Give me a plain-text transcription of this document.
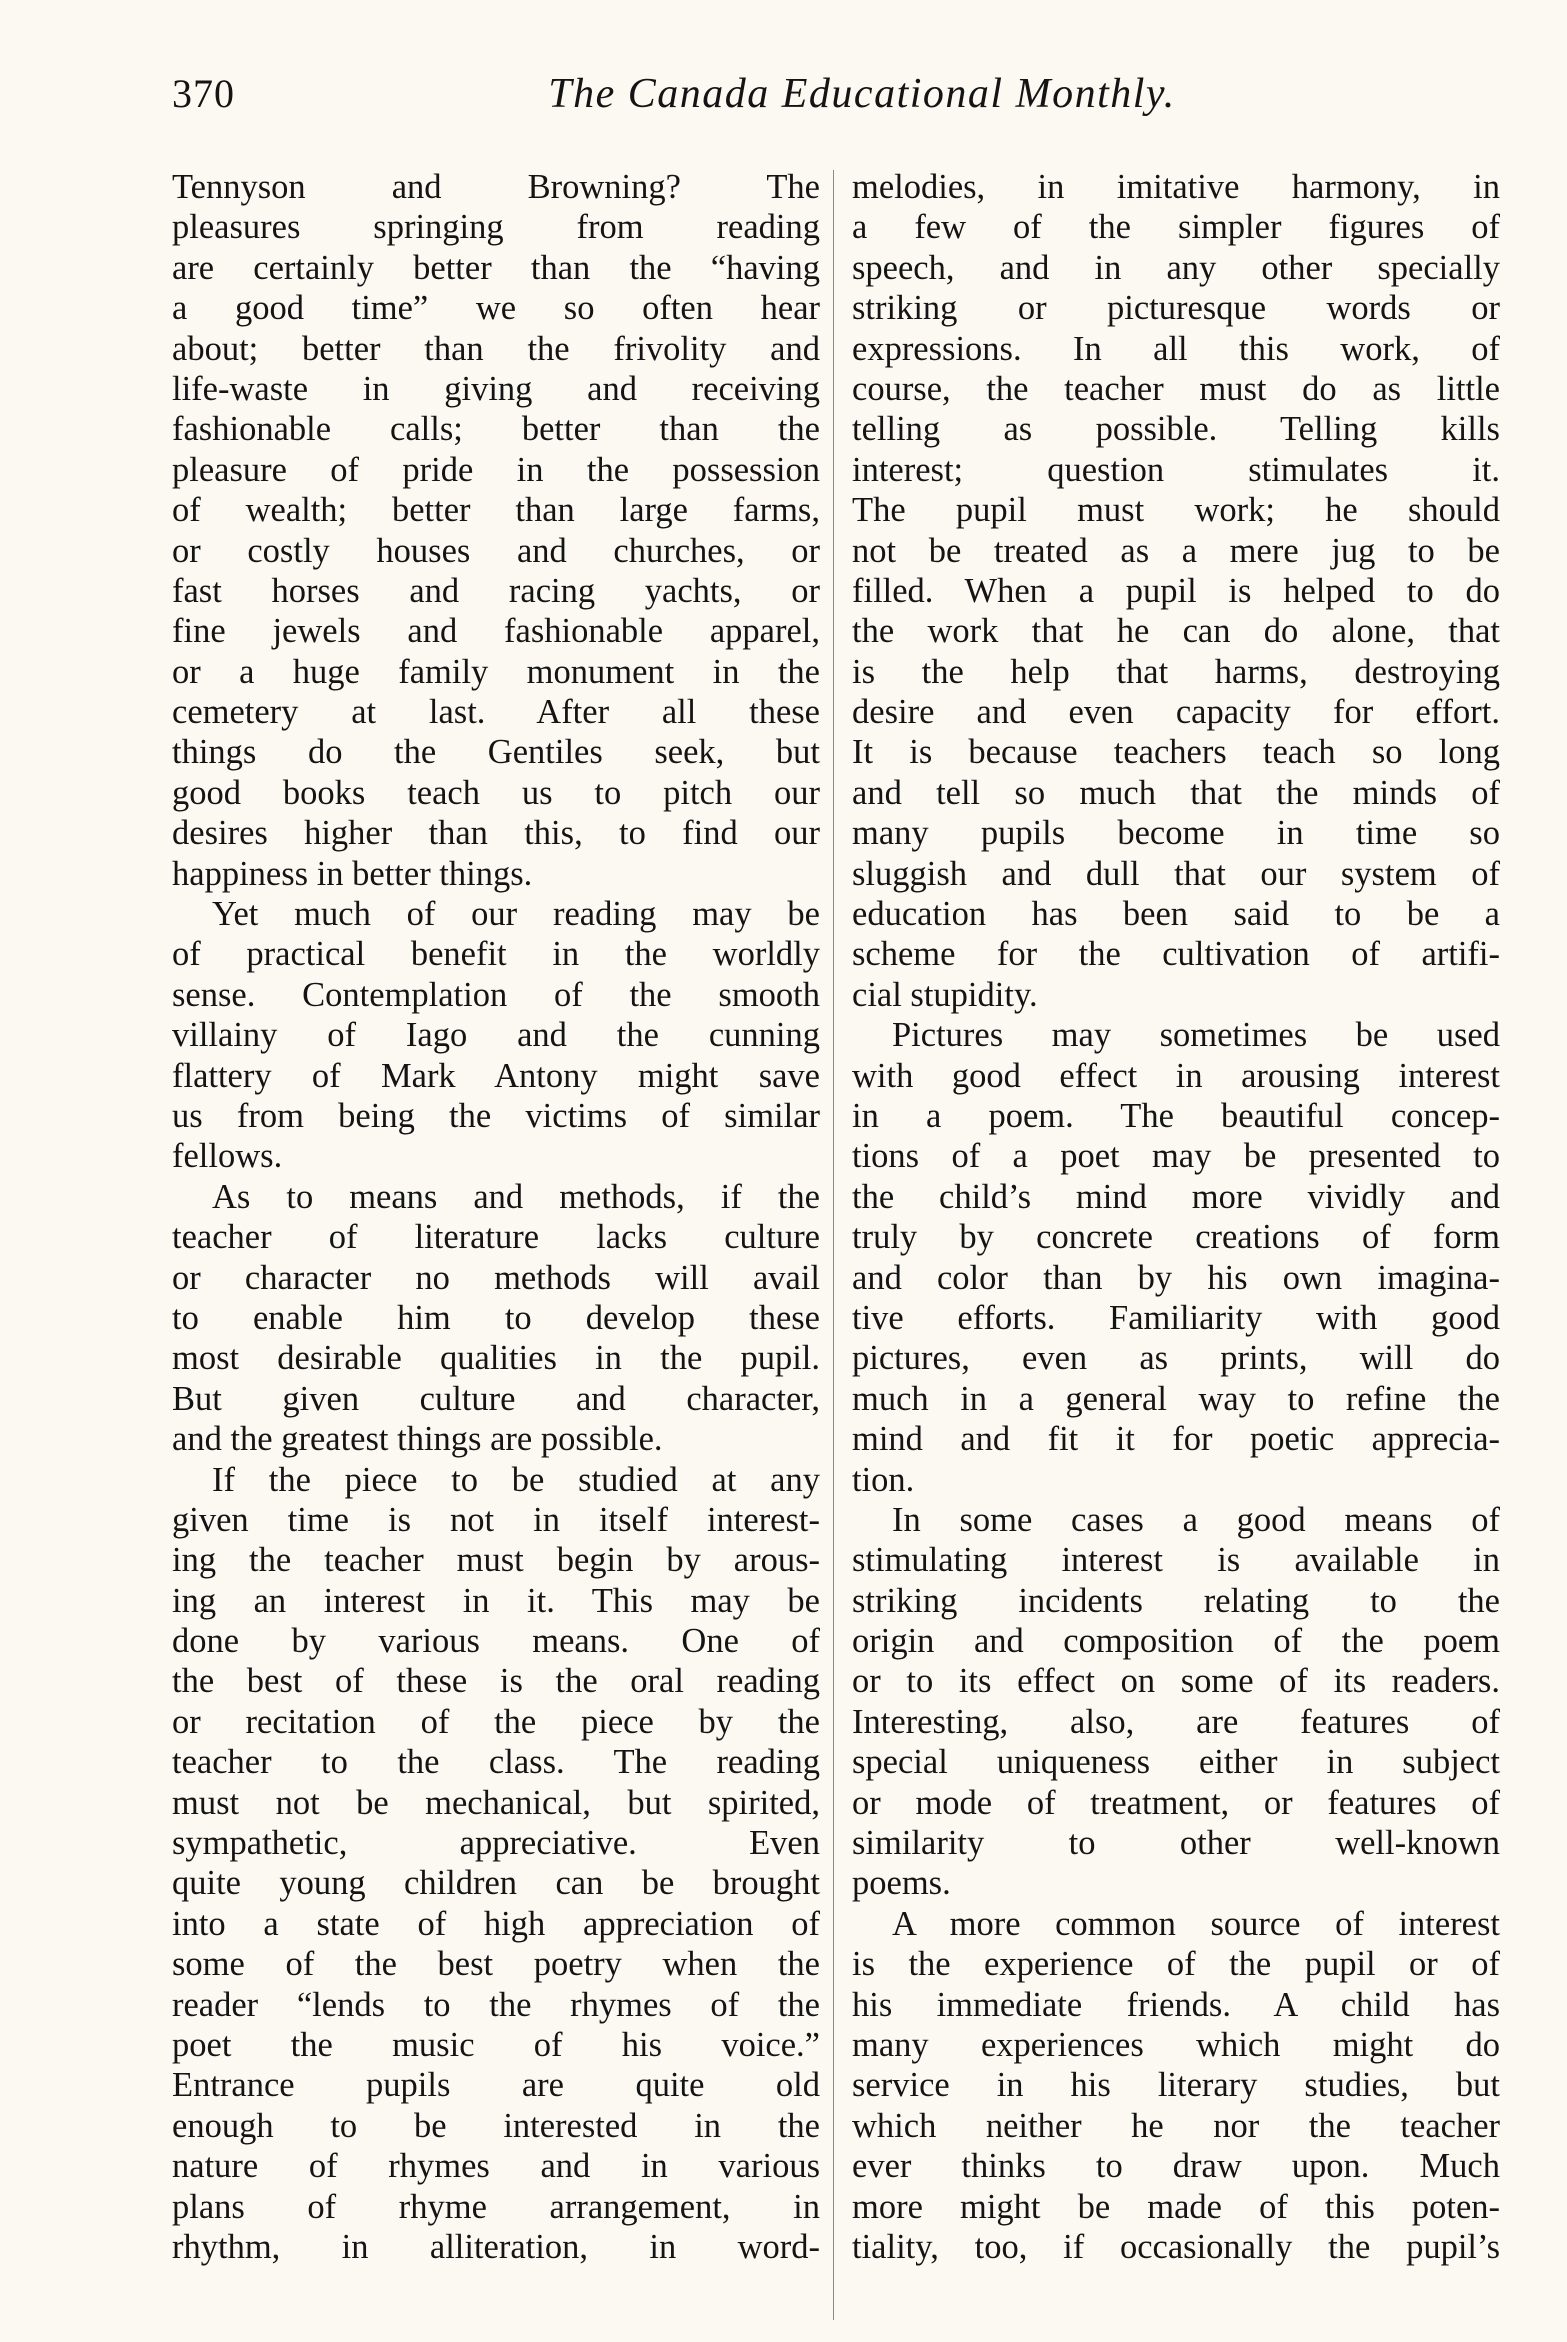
370	The Canada Educational Monthly.
Tennyson and Browning? The
pleasures springing from reading
are certainly better than the “having
a good time” we so often hear
about; better than the frivolity and
life-waste in giving and receiving
fashionable calls; better than the
pleasure of pride in the possession
of wealth; better than large farms,
or costly houses and churches, or
fast horses and racing yachts, or
fine jewels and fashionable apparel,
or a huge family monument in the
cemetery at last. After all these
things do the Gentiles seek, but
good books teach us to pitch our
desires higher than this, to find our
happiness in better things.
Yet much of our reading may be
of practical benefit in the worldly
sense. Contemplation of the smooth
villainy of Iago and the cunning
flattery of Mark Antony might save
us from being the victims of similar
fellows.
As to means and methods, if the
teacher of literature lacks culture
or character no methods will avail
to enable him to develop these
most desirable qualities in the pupil.
But given culture and character,
and the greatest things are possible.
If the piece to be studied at any
given time is not in itself interest-
ing the teacher must begin by arous-
ing an interest in it. This may be
done by various means. One of
the best of these is the oral reading
or recitation of the piece by the
teacher to the class. The reading
must not be mechanical, but spirited,
sympathetic, appreciative. Even
quite young children can be brought
into a state of high appreciation of
some of the best poetry when the
reader “lends to the rhymes of the
poet the music of his voice.”
Entrance pupils are quite old
enough to be interested in the
nature of rhymes and in various
plans of rhyme arrangement, in
rhythm, in alliteration, in word-
melodies, in imitative harmony, in
a few of the simpler figures of
speech, and in any other specially
striking or picturesque words or
expressions. In all this work, of
course, the teacher must do as little
telling as possible. Telling kills
interest; question stimulates it.
The pupil must work; he should
not be treated as a mere jug to be
filled. When a pupil is helped to do
the work that he can do alone, that
is the help that harms, destroying
desire and even capacity for effort.
It is because teachers teach so long
and tell so much that the minds of
many pupils become in time so
sluggish and dull that our system of
education has been said to be a
scheme for the cultivation of artifi-
cial stupidity.
Pictures may sometimes be used
with good effect in arousing interest
in a poem. The beautiful concep-
tions of a poet may be presented to
the child’s mind more vividly and
truly by concrete creations of form
and color than by his own imagina-
tive efforts. Familiarity with good
pictures, even as prints, will do
much in a general way to refine the
mind and fit it for poetic apprecia-
tion.
In some cases a good means of
stimulating interest is available in
striking incidents relating to the
origin and composition of the poem
or to its effect on some of its readers.
Interesting, also, are features of
special uniqueness either in subject
or mode of treatment, or features of
similarity to other well-known
poems.
A more common source of interest
is the experience of the pupil or of
his immediate friends. A child has
many experiences which might do
service in his literary studies, but
which neither he nor the teacher
ever thinks to draw upon. Much
more might be made of this poten-
tiality, too, if occasionally the pupil’s
